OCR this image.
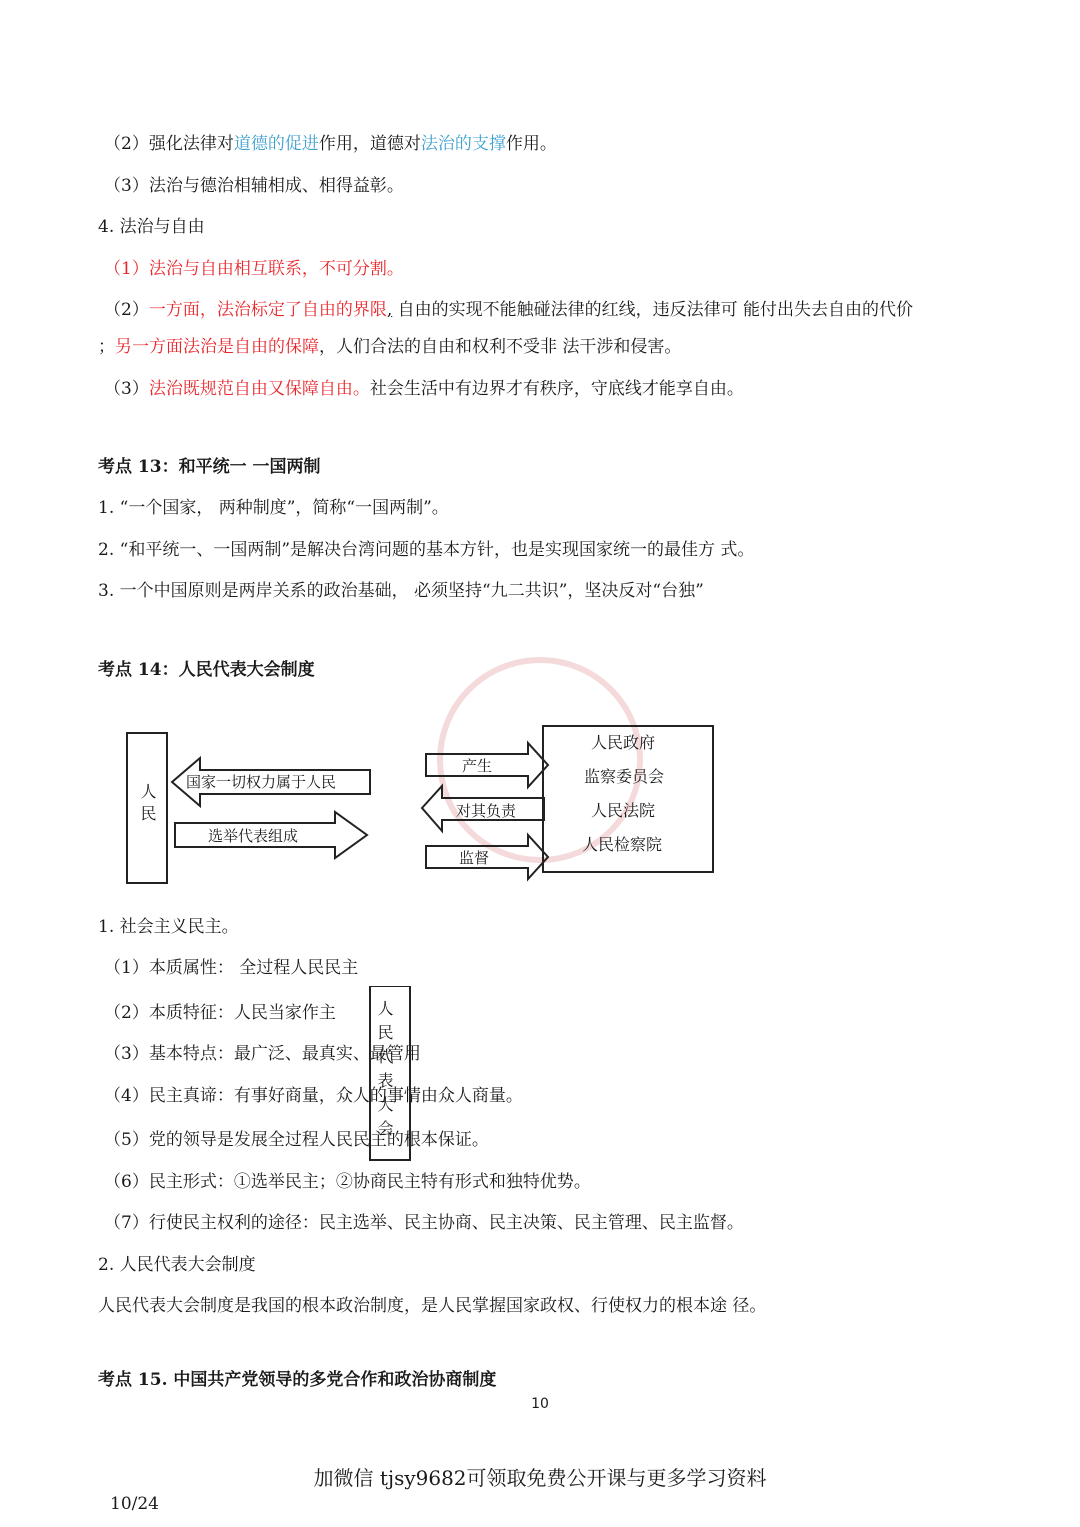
（2）强化法律对道德的促进作用，道德对法治的支撑作用。
（3）法治与德治相辅相成、相得益彰。
4. 法治与自由
（1）法治与自由相互联系，不可分割。
（2）一方面，法治标定了自由的界限, 自由的实现不能触碰法律的红线，违反法律可 能付出失去自由的代价
；另一方面法治是自由的保障，人们合法的自由和权利不受非 法干涉和侵害。
（3）法治既规范自由又保障自由。社会生活中有边界才有秩序，守底线才能享自由。
考点 13：和平统一 一国两制
1. “一个国家， 两种制度”，简称“一国两制”。
2. “和平统一、一国两制”是解决台湾问题的基本方针，也是实现国家统一的最佳方 式。
3. 一个中国原则是两岸关系的政治基础， 必须坚持“九二共识”，坚决反对“台独”
考点 14：人民代表大会制度
人民
国家一切权力属于人民
选举代表组成
产生
对其负责
监督
人民政府
监察委员会
人民法院
人民检察院
1. 社会主义民主。
（1）本质属性： 全过程人民民主
（2）本质特征：人民当家作主
（3）基本特点：最广泛、最真实、最管用
（4）民主真谛：有事好商量，众人的事情由众人商量。
（5）党的领导是发展全过程人民民主的根本保证。
（6）民主形式：①选举民主；②协商民主特有形式和独特优势。
（7）行使民主权利的途径：民主选举、民主协商、民主决策、民主管理、民主监督。
2. 人民代表大会制度
人民代表大会制度是我国的根本政治制度，是人民掌握国家政权、行使权力的根本途 径。
人民代表大会
考点 15. 中国共产党领导的多党合作和政治协商制度
10
加微信 tjsy9682可领取免费公开课与更多学习资料
10/24
